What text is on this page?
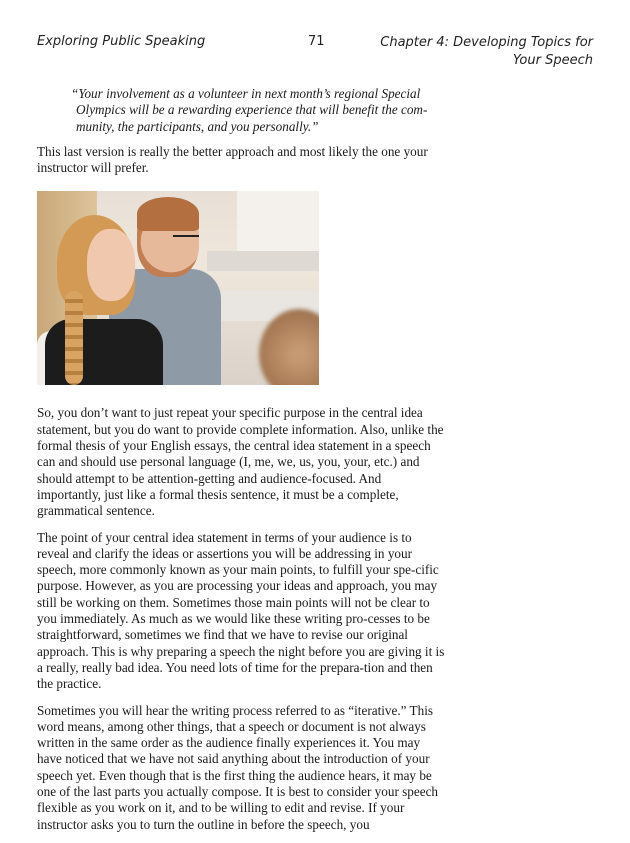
Exploring Public Speaking	71	Chapter 4: Developing Topics for Your Speech

“Your involvement as a volunteer in next month’s regional Special Olympics will be a rewarding experience that will benefit the com-munity, the participants, and you personally.”

This last version is really the better approach and most likely the one your instructor will prefer.

So, you don’t want to just repeat your specific purpose in the central idea statement, but you do want to provide complete information. Also, unlike the formal thesis of your English essays, the central idea statement in a speech can and should use personal language (I, me, we, us, you, your, etc.) and should attempt to be attention-getting and audience-focused. And importantly, just like a formal thesis sentence, it must be a complete, grammatical sentence.

The point of your central idea statement in terms of your audience is to reveal and clarify the ideas or assertions you will be addressing in your speech, more commonly known as your main points, to fulfill your spe-cific purpose. However, as you are processing your ideas and approach, you may still be working on them. Sometimes those main points will not be clear to you immediately. As much as we would like these writing pro-cesses to be straightforward, sometimes we find that we have to revise our original approach. This is why preparing a speech the night before you are giving it is a really, really bad idea. You need lots of time for the prepara-tion and then the practice.

Sometimes you will hear the writing process referred to as “iterative.” This word means, among other things, that a speech or document is not always written in the same order as the audience finally experiences it. You may have noticed that we have not said anything about the introduction of your speech yet. Even though that is the first thing the audience hears, it may be one of the last parts you actually compose. It is best to consider your speech flexible as you work on it, and to be willing to edit and revise. If your instructor asks you to turn the outline in before the speech, you
